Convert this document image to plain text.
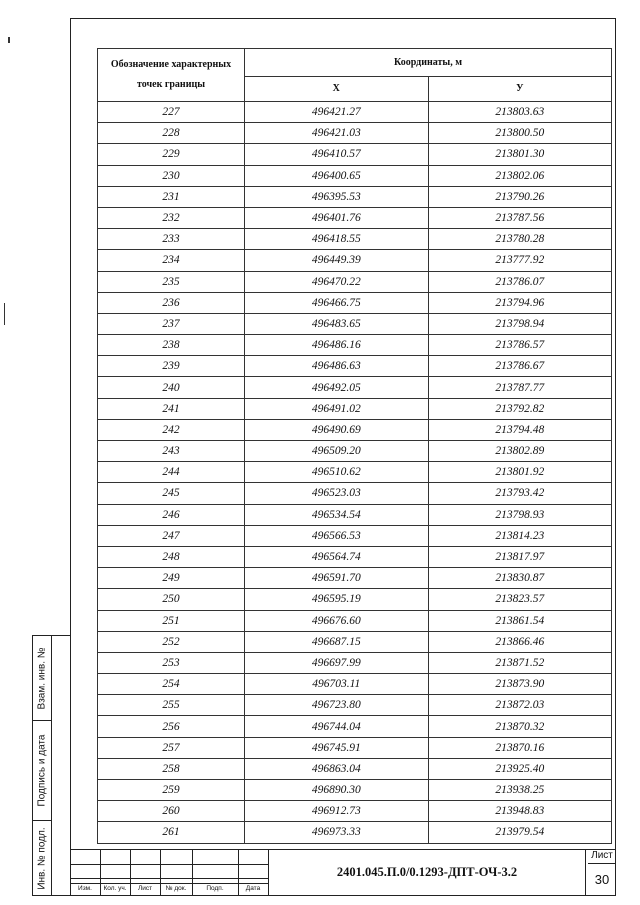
Взам. инв. №
Подпись и дата
Инв. № подл.
Обозначение характерных точек границы	Координаты, м	
	X	У
227	496421.27	213803.63
228	496421.03	213800.50
229	496410.57	213801.30
230	496400.65	213802.06
231	496395.53	213790.26
232	496401.76	213787.56
233	496418.55	213780.28
234	496449.39	213777.92
235	496470.22	213786.07
236	496466.75	213794.96
237	496483.65	213798.94
238	496486.16	213786.57
239	496486.63	213786.67
240	496492.05	213787.77
241	496491.02	213792.82
242	496490.69	213794.48
243	496509.20	213802.89
244	496510.62	213801.92
245	496523.03	213793.42
246	496534.54	213798.93
247	496566.53	213814.23
248	496564.74	213817.97
249	496591.70	213830.87
250	496595.19	213823.57
251	496676.60	213861.54
252	496687.15	213866.46
253	496697.99	213871.52
254	496703.11	213873.90
255	496723.80	213872.03
256	496744.04	213870.32
257	496745.91	213870.16
258	496863.04	213925.40
259	496890.30	213938.25
260	496912.73	213948.83
261	496973.33	213979.54
Изм.	Кол. уч.	Лист	№ док.	Подп.	Дата
2401.045.П.0/0.1293-ДПТ-ОЧ-3.2
Лист
30
